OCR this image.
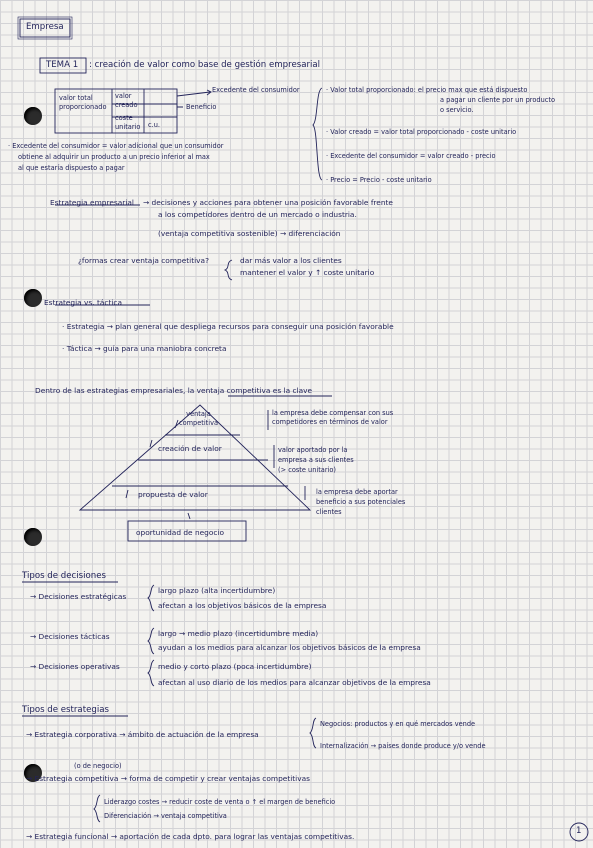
Empresa
TEMA 1 : creación de valor como base de gestión empresarial
valor total proporcionado
valor creado
coste unitario	c.u.
Excedente del consumidor
Beneficio
· Valor total proporcionado: el precio max que está dispuesto
a pagar un cliente por un producto
o servicio.
· Valor creado = valor total proporcionado - coste unitario
· Excedente del consumidor = valor creado - precio
· Precio = Precio - coste unitario
· Excedente del consumidor = valor adicional que un consumidor
obtiene al adquirir un producto a un precio inferior al max
al que estaría dispuesto a pagar
Estrategia empresarial → decisiones y acciones para obtener una posición favorable frente
a los competidores dentro de un mercado o industria.
(ventaja competitiva sostenible) → diferenciación
¿formas crear ventaja competitiva?	dar más valor a los clientes
mantener el valor y ↑ coste unitario
Estrategia vs. táctica
· Estrategia → plan general que despliega recursos para conseguir una posición favorable
· Táctica → guía para una maniobra concreta
Dentro de las estrategias empresariales, la ventaja competitiva es la clave
ventaja competitiva
creación de valor
propuesta de valor
oportunidad de negocio
la empresa debe compensar con sus
competidores en términos de valor
valor aportado por la
empresa a sus clientes
(> coste unitario)
la empresa debe aportar
beneficio a sus potenciales
clientes
Tipos de decisiones
→ Decisiones estratégicas
largo plazo (alta incertidumbre)
afectan a los objetivos básicos de la empresa
→ Decisiones tácticas	largo → medio plazo (incertidumbre media)
ayudan a los medios para alcanzar los objetivos básicos de la empresa
→ Decisiones operativas	medio y corto plazo (poca incertidumbre)
afectan al uso diario de los medios para alcanzar objetivos de la empresa
Tipos de estrategias
→ Estrategia corporativa → ámbito de actuación de la empresa
Negocios: productos y en qué mercados vende
Internalización → países donde produce y/o vende
(o de negocio)
→ Estrategia competitiva → forma de competir y crear ventajas competitivas
Liderazgo costes → reducir coste de venta o ↑ el margen de beneficio
Diferenciación → ventaja competitiva
→ Estrategia funcional → aportación de cada dpto. para lograr las ventajas competitivas.
1
